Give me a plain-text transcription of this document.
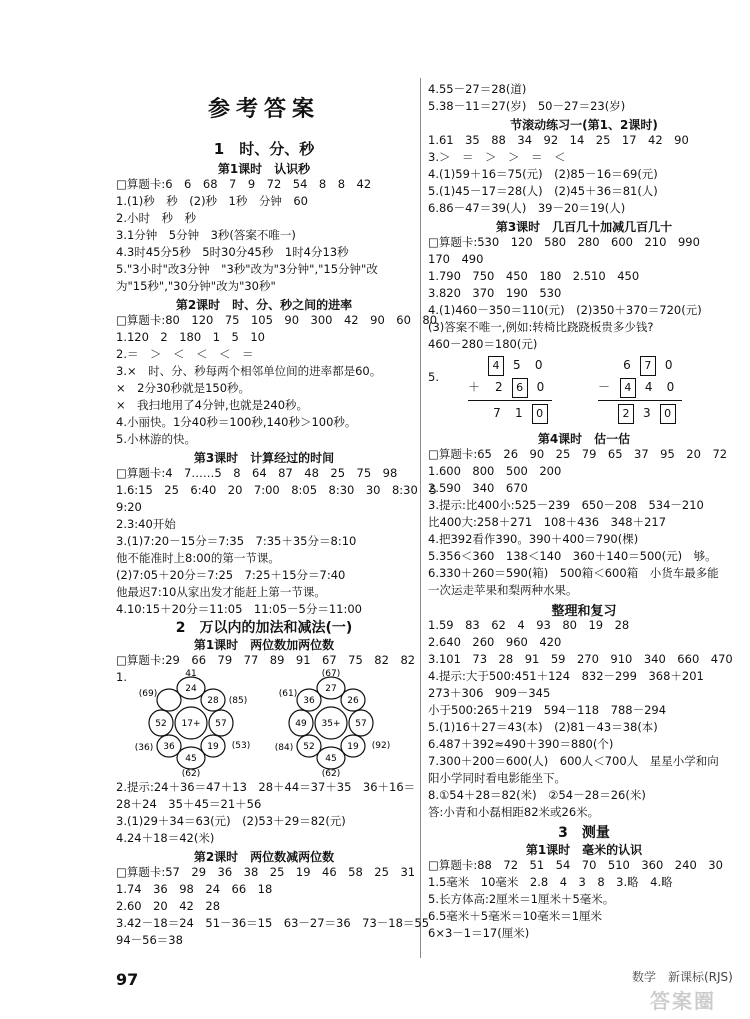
参考答案
1　时、分、秒
第1课时　认识秒
□算题卡:6　6　68　7　9　72　54　8　8　42
1.(1)秒　秒　(2)秒　1秒　分钟　60
2.小时　秒　秒
3.1分钟　5分钟　3秒(答案不唯一)
4.3时45分5秒　5时30分45秒　1时4分13秒
5."3小时"改3分钟　"3秒"改为"3分钟","15分钟"改
为"15秒","30分钟"改为"30秒"
第2课时　时、分、秒之间的进率
□算题卡:80　120　75　105　90　300　42　90　60　80
1.120　2　180　1　5　10
2.＝　＞　＜　＜　＜　＝
3.×　时、分、秒每两个相邻单位间的进率都是60。
×　2分30秒就是150秒。
×　我扫地用了4分钟,也就是240秒。
4.小丽快。1分40秒＝100秒,140秒＞100秒。
5.小林游的快。
第3课时　计算经过的时间
□算题卡:4　7……5　8　64　87　48　25　75　98
1.6:15　25　6:40　20　7:00　8:05　8:30　30　8:30　5
9:20
2.3:40开始
3.(1)7:20－15分＝7:35　7:35＋35分＝8:10
他不能准时上8:00的第一节课。
(2)7:05＋20分＝7:25　7:25＋15分＝7:40
他最迟7:10从家出发才能赶上第一节课。
4.10:15＋20分＝11:05　11:05－5分＝11:00
2　万以内的加法和减法(一)
第1课时　两位数加两位数
□算题卡:29　66　79　77　89　91　67　75　82　82
1.
17+
41
24
28
57
45
19
52
36
(69)
(85)
(53)
(62)
(36)
35+
27
26
57
45
19
49
52
36
(61)
(67)
(92)
(62)
(84)
2.提示:24＋36＝47＋13　28＋44＝37＋35　36＋16＝
28＋24　35＋45＝21＋56
3.(1)29＋34＝63(元)　(2)53＋29＝82(元)
4.24＋18＝42(米)
第2课时　两位数减两位数
□算题卡:57　29　36　38　25　19　46　58　25　31
1.74　36　98　24　66　18
2.60　20　42　28
3.42－18＝24　51－36＝15　63－27＝36　73－18＝55
94－56＝38
4.55－27＝28(道)
5.38－11＝27(岁)　50－27＝23(岁)
节滚动练习一(第1、2课时)
1.61　35　88　34　92　14　25　17　42　90
3.＞　＝　＞　＞　＝　＜
4.(1)59＋16＝75(元)　(2)85－16＝69(元)
5.(1)45－17＝28(人)　(2)45＋36＝81(人)
6.86－47＝39(人)　39－20＝19(人)
第3课时　几百几十加减几百几十
□算题卡:530　120　580　280　600　210　990
170　490
1.790　750　450　180　2.510　450
3.820　370　190　530
4.(1)460－350＝110(元)　(2)350＋370＝720(元)
(3)答案不唯一,例如:转椅比跷跷板贵多少钱?
460－280＝180(元)
5.
4 5 0
＋ 2 6 0
7 1 0
6 7 0
－ 4 4 0
2 3 0
第4课时　估一估
□算题卡:65　26　90　25　79　65　37　95　20　72
1.600　800　500　200
2.590　340　670
3.提示:比400小:525－239　650－208　534－210
比400大:258＋271　108＋436　348＋217
4.把392看作390。390＋400＝790(棵)
5.356＜360　138＜140　360＋140＝500(元)　够。
6.330＋260＝590(箱)　500箱＜600箱　小货车最多能
一次运走苹果和梨两种水果。
整理和复习
1.59　83　62　4　93　80　19　28
2.640　260　960　420
3.101　73　28　91　59　270　910　340　660　470
4.提示:大于500:451＋124　832－299　368＋201
273＋306　909－345
小于500:265＋219　594－118　788－294
5.(1)16＋27＝43(本)　(2)81－43＝38(本)
6.487＋392≈490＋390＝880(个)
7.300＋200＝600(人)　600人＜700人　星星小学和向
阳小学同时看电影能坐下。
8.①54＋28＝82(米)　②54－28＝26(米)
答:小青和小磊相距82米或26米。
3　测量
第1课时　毫米的认识
□算题卡:88　72　51　54　70　510　360　240　30
1.5毫米　10毫米　2.8　4　3　8　3.略　4.略
5.长方体高:2厘米＝1厘米＋5毫米。
6.5毫米＋5毫米＝10毫米＝1厘米
6×3－1＝17(厘米)
97	数学　新课标(RJS)
答案圈
